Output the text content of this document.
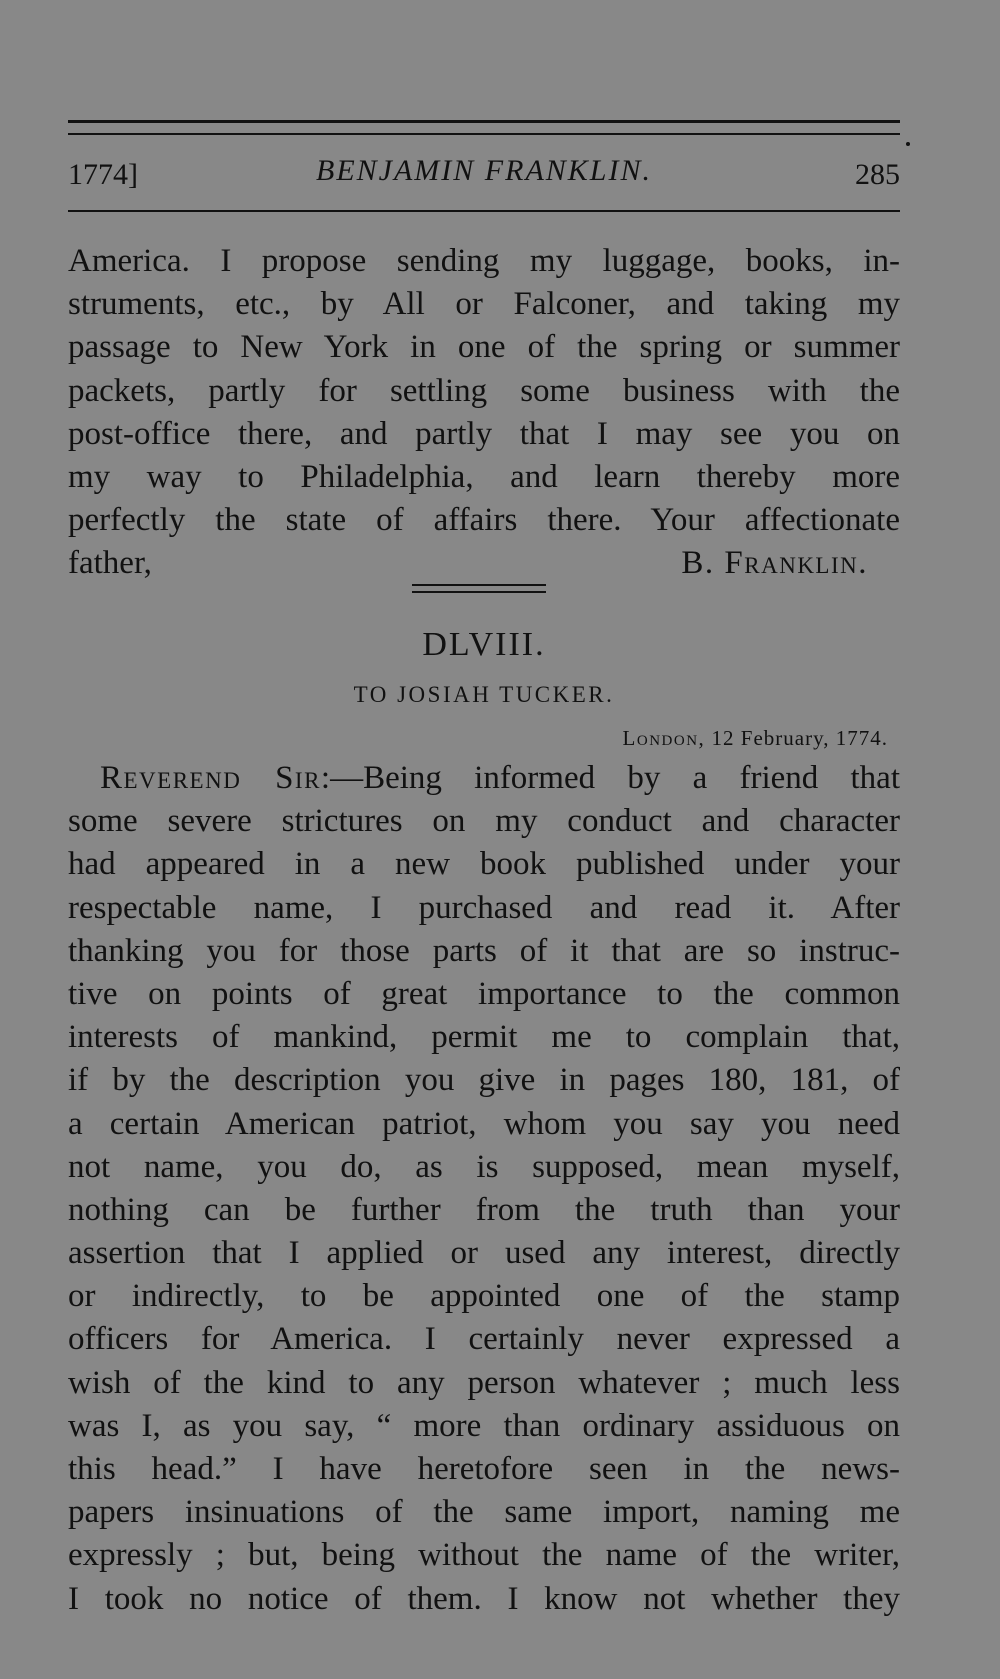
1774]	BENJAMIN FRANKLIN.	285
America. I propose sending my luggage, books, in-
struments, etc., by All or Falconer, and taking my
passage to New York in one of the spring or summer
packets, partly for settling some business with the
post-office there, and partly that I may see you on
my way to Philadelphia, and learn thereby more
perfectly the state of affairs there. Your affectionate
father,	B. Franklin.
DLVIII.
TO JOSIAH TUCKER.
London, 12 February, 1774.
Reverend Sir:—Being informed by a friend that
some severe strictures on my conduct and character
had appeared in a new book published under your
respectable name, I purchased and read it. After
thanking you for those parts of it that are so instruc-
tive on points of great importance to the common
interests of mankind, permit me to complain that,
if by the description you give in pages 180, 181, of
a certain American patriot, whom you say you need
not name, you do, as is supposed, mean myself,
nothing can be further from the truth than your
assertion that I applied or used any interest, directly
or indirectly, to be appointed one of the stamp
officers for America. I certainly never expressed a
wish of the kind to any person whatever ; much less
was I, as you say, “ more than ordinary assiduous on
this head.” I have heretofore seen in the news-
papers insinuations of the same import, naming me
expressly ; but, being without the name of the writer,
I took no notice of them. I know not whether they
